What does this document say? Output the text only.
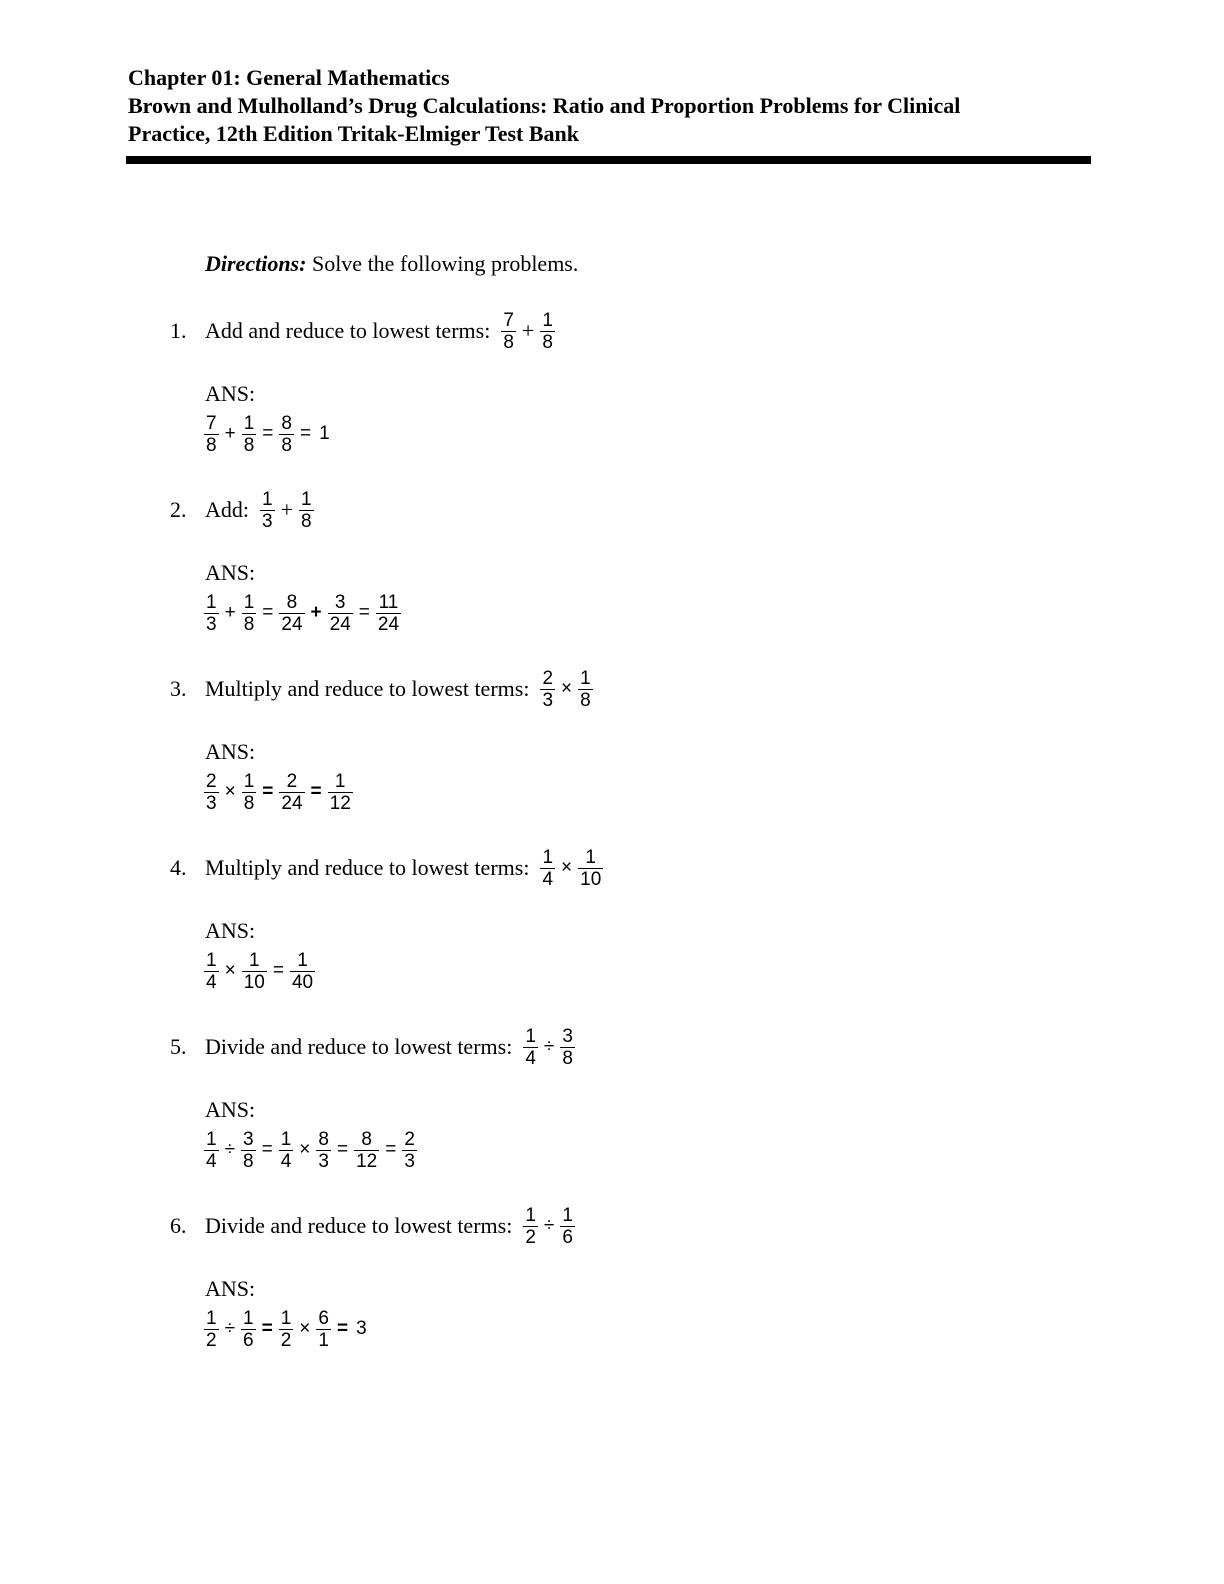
Chapter 01: General Mathematics
Brown and Mulholland’s Drug Calculations: Ratio and Proportion Problems for Clinical
Practice, 12th Edition Tritak-Elmiger Test Bank
Directions: Solve the following problems.
1. Add and reduce to lowest terms: $\frac{7}{8} + \frac{1}{8}$
ANS:
$\frac{7}{8} + \frac{1}{8} = \frac{8}{8} = 1$
2. Add: $\frac{1}{3} + \frac{1}{8}$
ANS:
$\frac{1}{3} + \frac{1}{8} = \frac{8}{24} + \frac{3}{24} = \frac{11}{24}$
3. Multiply and reduce to lowest terms: $\frac{2}{3} \times \frac{1}{8}$
ANS:
$\frac{2}{3} \times \frac{1}{8} = \frac{2}{24} = \frac{1}{12}$
4. Multiply and reduce to lowest terms: $\frac{1}{4} \times \frac{1}{10}$
ANS:
$\frac{1}{4} \times \frac{1}{10} = \frac{1}{40}$
5. Divide and reduce to lowest terms: $\frac{1}{4} \div \frac{3}{8}$
ANS:
$\frac{1}{4} \div \frac{3}{8} = \frac{1}{4} \times \frac{8}{3} = \frac{8}{12} = \frac{2}{3}$
6. Divide and reduce to lowest terms: $\frac{1}{2} \div \frac{1}{6}$
ANS:
$\frac{1}{2} \div \frac{1}{6} = \frac{1}{2} \times \frac{6}{1} = 3$
